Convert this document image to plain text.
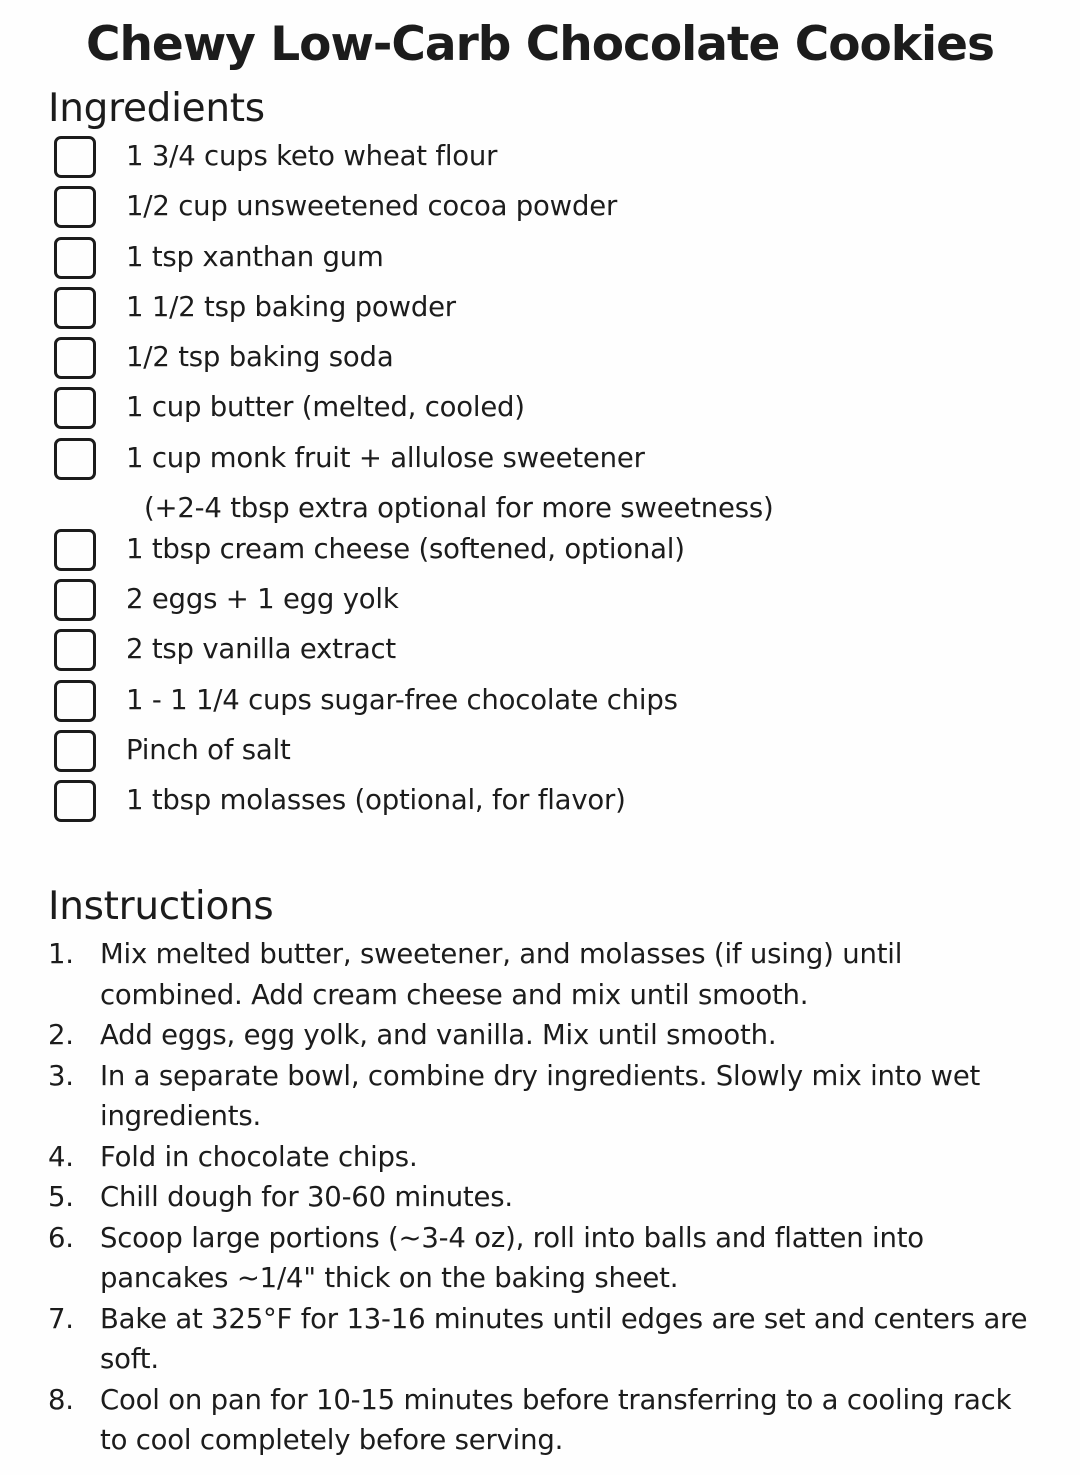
Chewy Low-Carb Chocolate Cookies
Ingredients
1 3/4 cups keto wheat flour
1/2 cup unsweetened cocoa powder
1 tsp xanthan gum
1 1/2 tsp baking powder
1/2 tsp baking soda
1 cup butter (melted, cooled)
1 cup monk fruit + allulose sweetener
(+2-4 tbsp extra optional for more sweetness)
1 tbsp cream cheese (softened, optional)
2 eggs + 1 egg yolk
2 tsp vanilla extract
1 - 1 1/4 cups sugar-free chocolate chips
Pinch of salt
1 tbsp molasses (optional, for flavor)
Instructions
1. Mix melted butter, sweetener, and molasses (if using) until combined. Add cream cheese and mix until smooth.
2. Add eggs, egg yolk, and vanilla. Mix until smooth.
3. In a separate bowl, combine dry ingredients. Slowly mix into wet ingredients.
4. Fold in chocolate chips.
5. Chill dough for 30-60 minutes.
6. Scoop large portions (~3-4 oz), roll into balls and flatten into pancakes ~1/4" thick on the baking sheet.
7. Bake at 325°F for 13-16 minutes until edges are set and centers are soft.
8. Cool on pan for 10-15 minutes before transferring to a cooling rack to cool completely before serving.
